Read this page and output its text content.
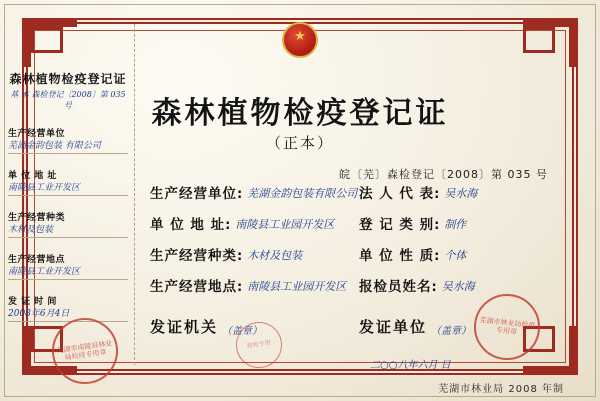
★
森林植物检疫登记证
（正本）
皖〔芜〕森检登记〔2008〕第 035 号
生产经营单位 : 芜湖金韵包装有限公司 法 人 代 表 : 吴水海
单 位 地 址 : 南陵县工业园开发区	登 记 类 别 : 制作
生产经营种类 : 木材及包装	单 位 性 质 : 个体
生产经营地点 : 南陵县工业园开发区 报检员姓名 : 吴水海
发证机关 （盖章）	发证单位 （盖章）
二○○八年六月 日
森林植物检疫登记证
基 本 森检登记〔2008〕第 035 号
生产经营单位
芜湖金韵包装 有限公司
单 位 地 址
南陵县工业开发区
生产经营种类
木材及包装
生产经营地点
南陵县工业开发区
发 证 时 间
2008年6月4日
芜湖市南陵县林业局检疫专用章
芜湖市林业局检疫专用章
检疫专用
芜湖市林业局 2008 年制
